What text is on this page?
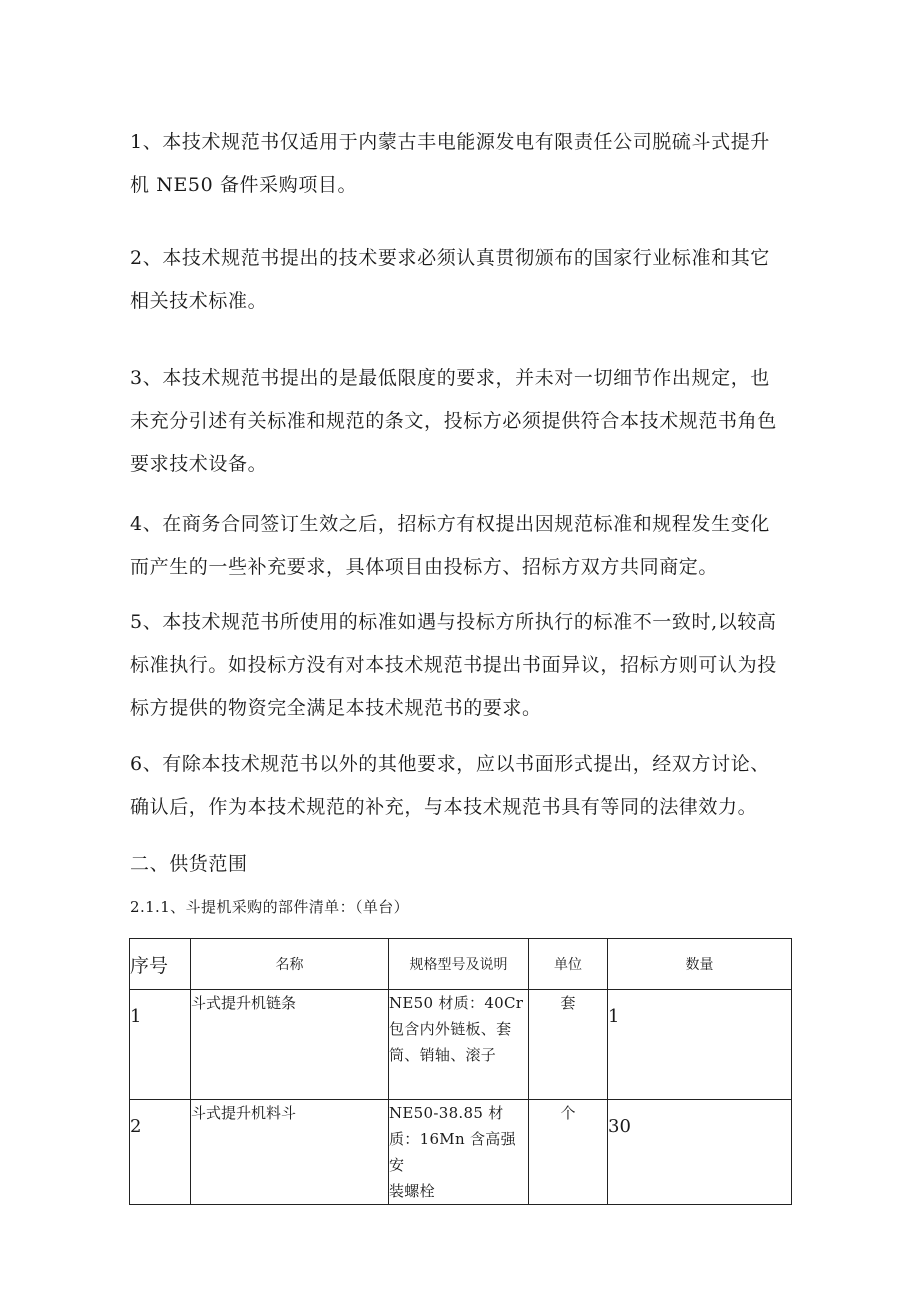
1、本技术规范书仅适用于内蒙古丰电能源发电有限责任公司脱硫斗式提升
机 NE50 备件采购项目。
2、本技术规范书提出的技术要求必须认真贯彻颁布的国家行业标准和其它
相关技术标准。
3、本技术规范书提出的是最低限度的要求，并未对一切细节作出规定，也
未充分引述有关标准和规范的条文，投标方必须提供符合本技术规范书角色
要求技术设备。
4、在商务合同签订生效之后，招标方有权提出因规范标准和规程发生变化
而产生的一些补充要求，具体项目由投标方、招标方双方共同商定。
5、本技术规范书所使用的标准如遇与投标方所执行的标准不一致时,以较高
标准执行。如投标方没有对本技术规范书提出书面异议，招标方则可认为投
标方提供的物资完全满足本技术规范书的要求。
6、有除本技术规范书以外的其他要求，应以书面形式提出，经双方讨论、
确认后，作为本技术规范的补充，与本技术规范书具有等同的法律效力。
二、供货范围
2.1.1、斗提机采购的部件清单：（单台）
序号	名称	规格型号及说明	单位	数量
1	斗式提升机链条	NE50 材质：40Cr
包含内外链板、套
筒、销轴、滚子	套	1
2	斗式提升机料斗	NE50-38.85 材
质：16Mn 含高强安
装螺栓	个	30
